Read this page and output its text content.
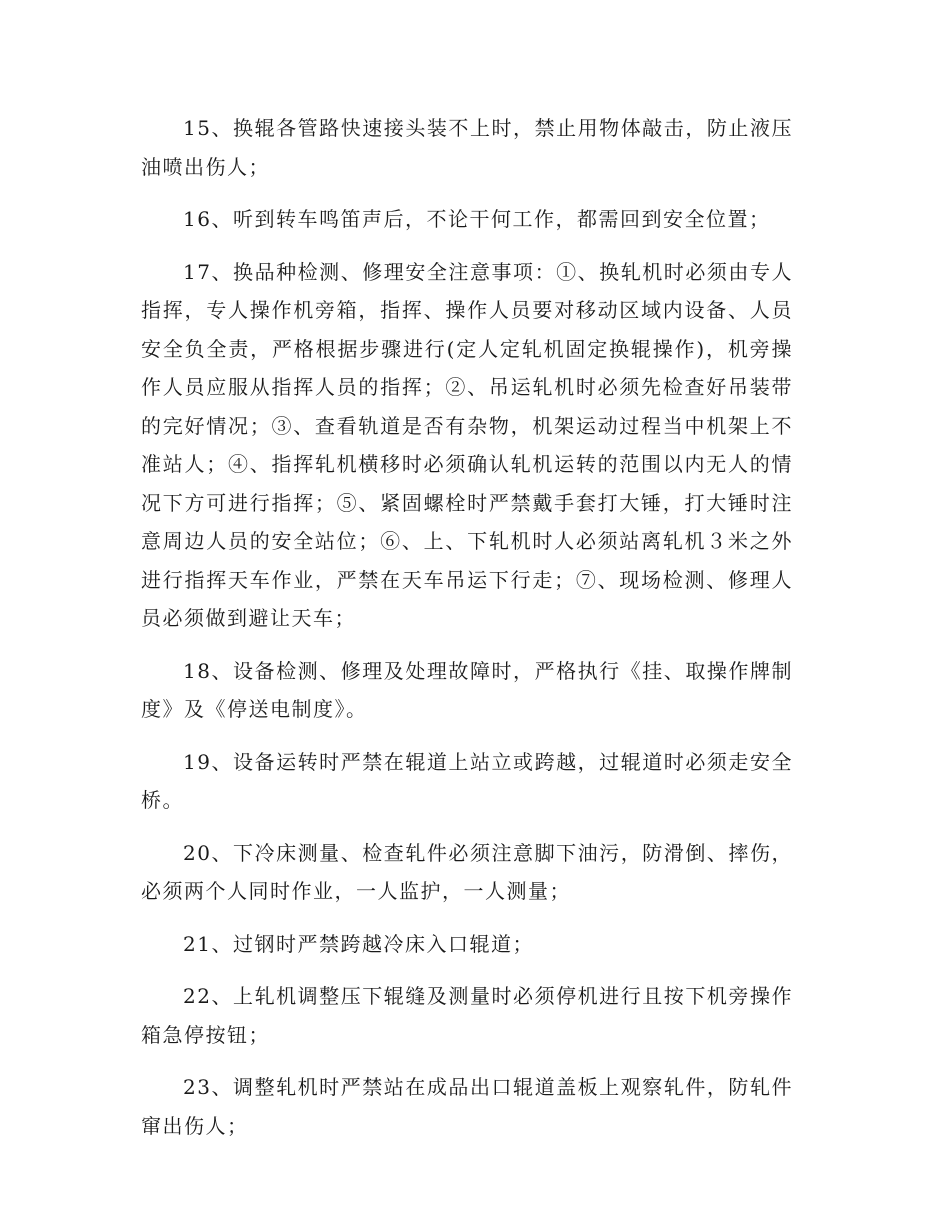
15、换辊各管路快速接头装不上时，禁止用物体敲击，防止液压油喷出伤人；

16、听到转车鸣笛声后，不论干何工作，都需回到安全位置；

17、换品种检测、修理安全注意事项：①、换轧机时必须由专人指挥，专人操作机旁箱，指挥、操作人员要对移动区域内设备、人员安全负全责，严格根据步骤进行(定人定轧机固定换辊操作)，机旁操作人员应服从指挥人员的指挥；②、吊运轧机时必须先检查好吊装带的完好情况；③、查看轨道是否有杂物，机架运动过程当中机架上不准站人；④、指挥轧机横移时必须确认轧机运转的范围以内无人的情况下方可进行指挥；⑤、紧固螺栓时严禁戴手套打大锤，打大锤时注意周边人员的安全站位；⑥、上、下轧机时人必须站离轧机３米之外进行指挥天车作业，严禁在天车吊运下行走；⑦、现场检测、修理人员必须做到避让天车；

18、设备检测、修理及处理故障时，严格执行《挂、取操作牌制度》及《停送电制度》。

19、设备运转时严禁在辊道上站立或跨越，过辊道时必须走安全桥。

20、下冷床测量、检查轧件必须注意脚下油污，防滑倒、摔伤，必须两个人同时作业，一人监护，一人测量；

21、过钢时严禁跨越冷床入口辊道；

22、上轧机调整压下辊缝及测量时必须停机进行且按下机旁操作箱急停按钮；

23、调整轧机时严禁站在成品出口辊道盖板上观察轧件，防轧件窜出伤人；
